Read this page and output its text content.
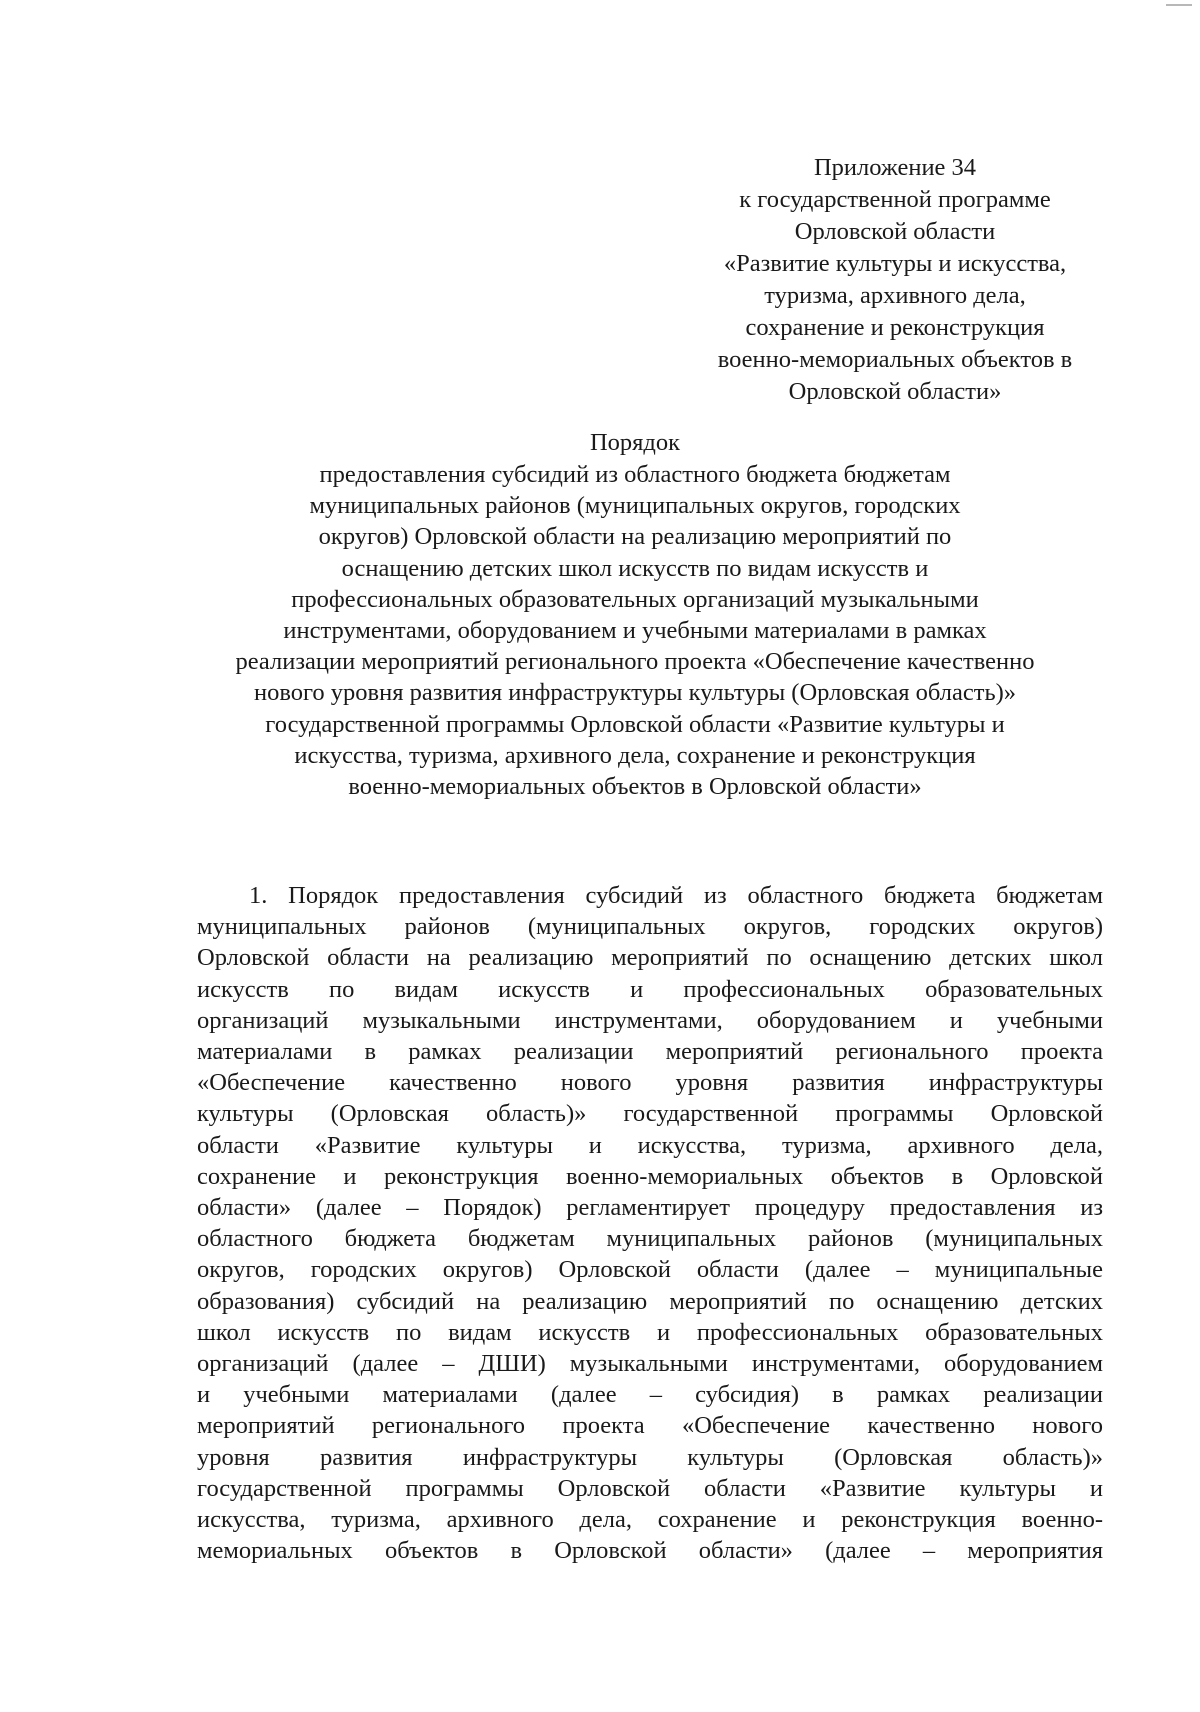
Приложение 34
к государственной программе
Орловской области
«Развитие культуры и искусства,
туризма, архивного дела,
сохранение и реконструкция
военно-мемориальных объектов в
Орловской области»
Порядок
предоставления субсидий из областного бюджета бюджетам
муниципальных районов (муниципальных округов, городских
округов) Орловской области на реализацию мероприятий по
оснащению детских школ искусств по видам искусств и
профессиональных образовательных организаций музыкальными
инструментами, оборудованием и учебными материалами в рамках
реализации мероприятий регионального проекта «Обеспечение качественно
нового уровня развития инфраструктуры культуры (Орловская область)»
государственной программы Орловской области «Развитие культуры и
искусства, туризма, архивного дела, сохранение и реконструкция
военно-мемориальных объектов в Орловской области»
1. Порядок предоставления субсидий из областного бюджета бюджетам
муниципальных районов (муниципальных округов, городских округов)
Орловской области на реализацию мероприятий по оснащению детских школ
искусств по видам искусств и профессиональных образовательных
организаций музыкальными инструментами, оборудованием и учебными
материалами в рамках реализации мероприятий регионального проекта
«Обеспечение качественно нового уровня развития инфраструктуры
культуры (Орловская область)» государственной программы Орловской
области «Развитие культуры и искусства, туризма, архивного дела,
сохранение и реконструкция военно-мемориальных объектов в Орловской
области» (далее – Порядок) регламентирует процедуру предоставления из
областного бюджета бюджетам муниципальных районов (муниципальных
округов, городских округов) Орловской области (далее – муниципальные
образования) субсидий на реализацию мероприятий по оснащению детских
школ искусств по видам искусств и профессиональных образовательных
организаций (далее – ДШИ) музыкальными инструментами, оборудованием
и учебными материалами (далее – субсидия) в рамках реализации
мероприятий регионального проекта «Обеспечение качественно нового
уровня развития инфраструктуры культуры (Орловская область)»
государственной программы Орловской области «Развитие культуры и
искусства, туризма, архивного дела, сохранение и реконструкция военно-
мемориальных объектов в Орловской области» (далее – мероприятия
